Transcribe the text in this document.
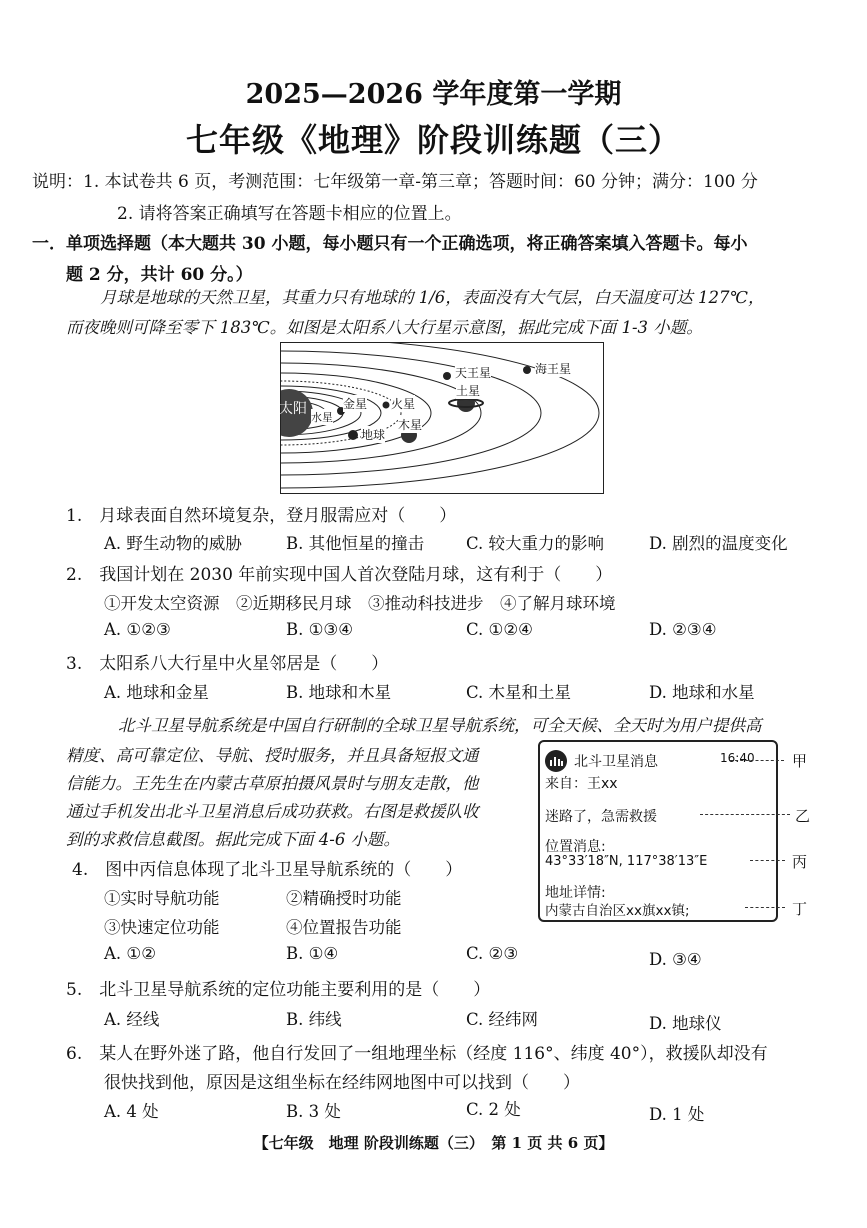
2025—2026 学年度第一学期
七年级《地理》阶段训练题（三）
说明：1. 本试卷共 6 页，考测范围：七年级第一章-第三章；答题时间：60 分钟；满分：100 分
2. 请将答案正确填写在答题卡相应的位置上。
一．单项选择题（本大题共 30 小题，每小题只有一个正确选项，将正确答案填入答题卡。每小
题 2 分，共计 60 分。）
月球是地球的天然卫星，其重力只有地球的 1/6，表面没有大气层，白天温度可达 127℃，
而夜晚则可降至零下 183℃。如图是太阳系八大行星示意图，据此完成下面 1-3 小题。
太阳
水星
金星
地球
火星
木星
土星
天王星	海王星
1.　月球表面自然环境复杂，登月服需应对（　　）
A. 野生动物的威胁	B. 其他恒星的撞击	C. 较大重力的影响	D. 剧烈的温度变化
2.　我国计划在 2030 年前实现中国人首次登陆月球，这有利于（　　）
①开发太空资源　②近期移民月球　③推动科技进步　④了解月球环境
A. ①②③	B. ①③④	C. ①②④	D. ②③④
3.　太阳系八大行星中火星邻居是（　　）
A. 地球和金星	B. 地球和木星	C. 木星和土星	D. 地球和水星
北斗卫星导航系统是中国自行研制的全球卫星导航系统，可全天候、全天时为用户提供高
精度、高可靠定位、导航、授时服务，并且具备短报文通
信能力。王先生在内蒙古草原拍摄风景时与朋友走散，他
通过手机发出北斗卫星消息后成功获救。右图是救援队收
到的求救信息截图。据此完成下面 4-6 小题。
北斗卫星消息	16:40
来自：王xx
迷路了，急需救援
位置消息:
43°33′18″N, 117°38′13″E
地址详情:
内蒙古自治区xx旗xx镇;
甲
乙
丙
丁
4.　图中丙信息体现了北斗卫星导航系统的（　　）
①实时导航功能	②精确授时功能
③快速定位功能	④位置报告功能
A. ①②	B. ①④	C. ②③	D. ③④
5.　北斗卫星导航系统的定位功能主要利用的是（　　）
A. 经线	B. 纬线	C. 经纬网	D. 地球仪
6.　某人在野外迷了路，他自行发回了一组地理坐标（经度 116°、纬度 40°），救援队却没有
很快找到他，原因是这组坐标在经纬网地图中可以找到（　　）
A. 4 处	B. 3 处	C. 2 处	D. 1 处
【七年级　地理 阶段训练题（三）　第 1 页 共 6 页】
